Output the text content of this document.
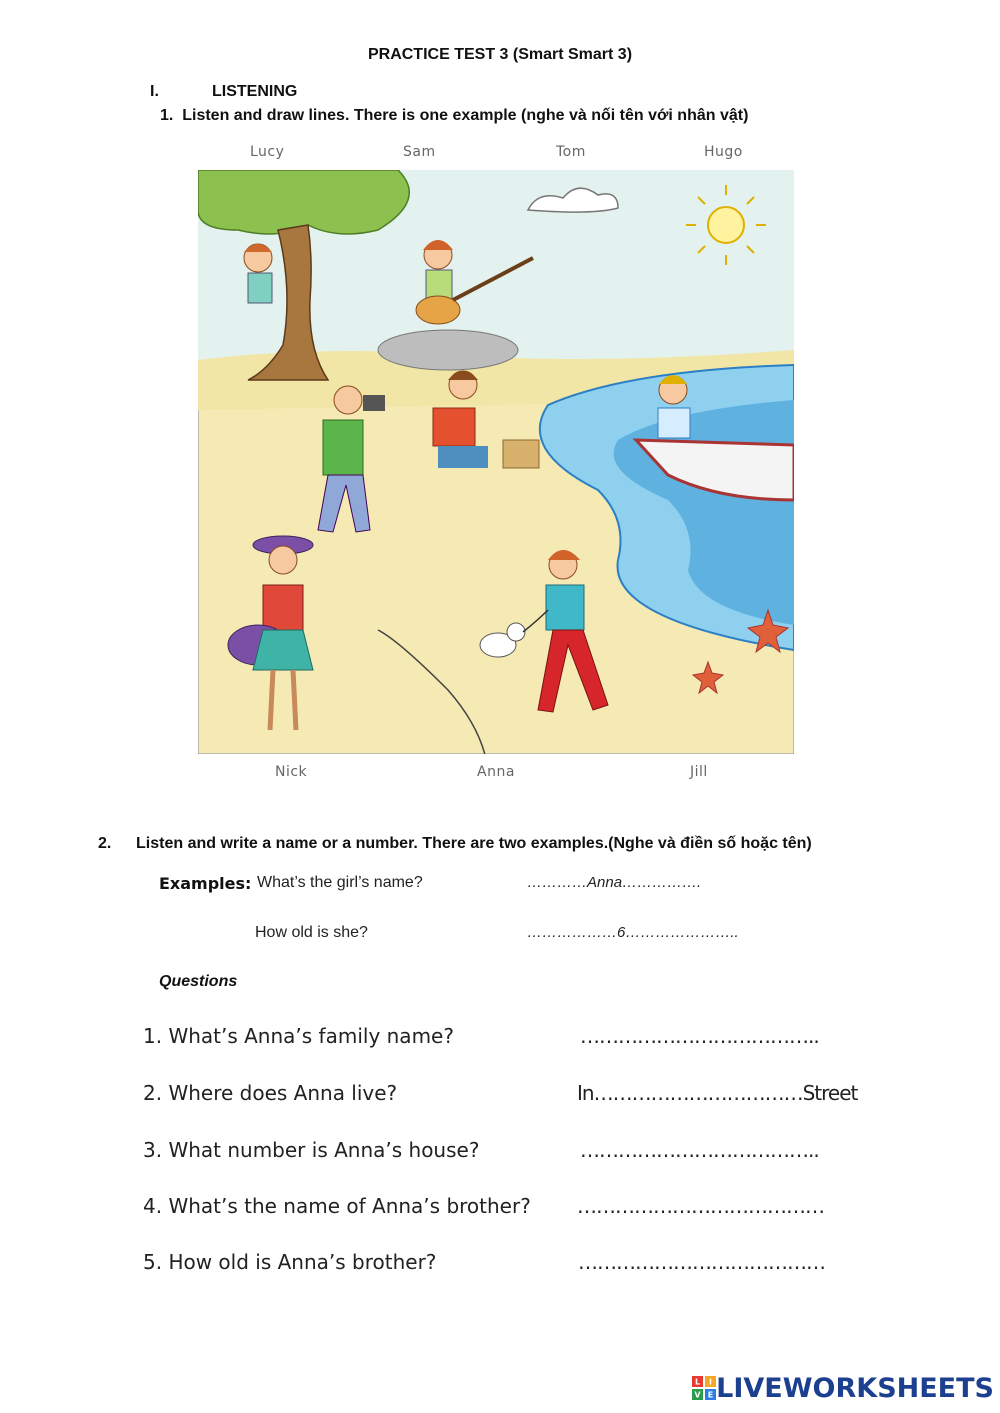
PRACTICE TEST 3 (Smart Smart 3)
I.	LISTENING
1. Listen and draw lines. There is one example (nghe và nối tên với nhân vật)
Lucy	Sam	Tom	Hugo
Nick	Anna	Jill
2. Listen and write a name or a number. There are two examples.(Nghe và điền số hoặc tên)
Examples: What’s the girl’s name?	…………Anna…………….
How old is she?	………………6…………………..
Questions
1. What’s Anna’s family name?	………………………………..
2. Where does Anna live?	In……………………………Street
3. What number is Anna’s house?	………………………………..
4. What’s the name of Anna’s brother? …………………………………
5. How old is Anna’s brother?	…………………………………
L I
V E LIVEWORKSHEETS
